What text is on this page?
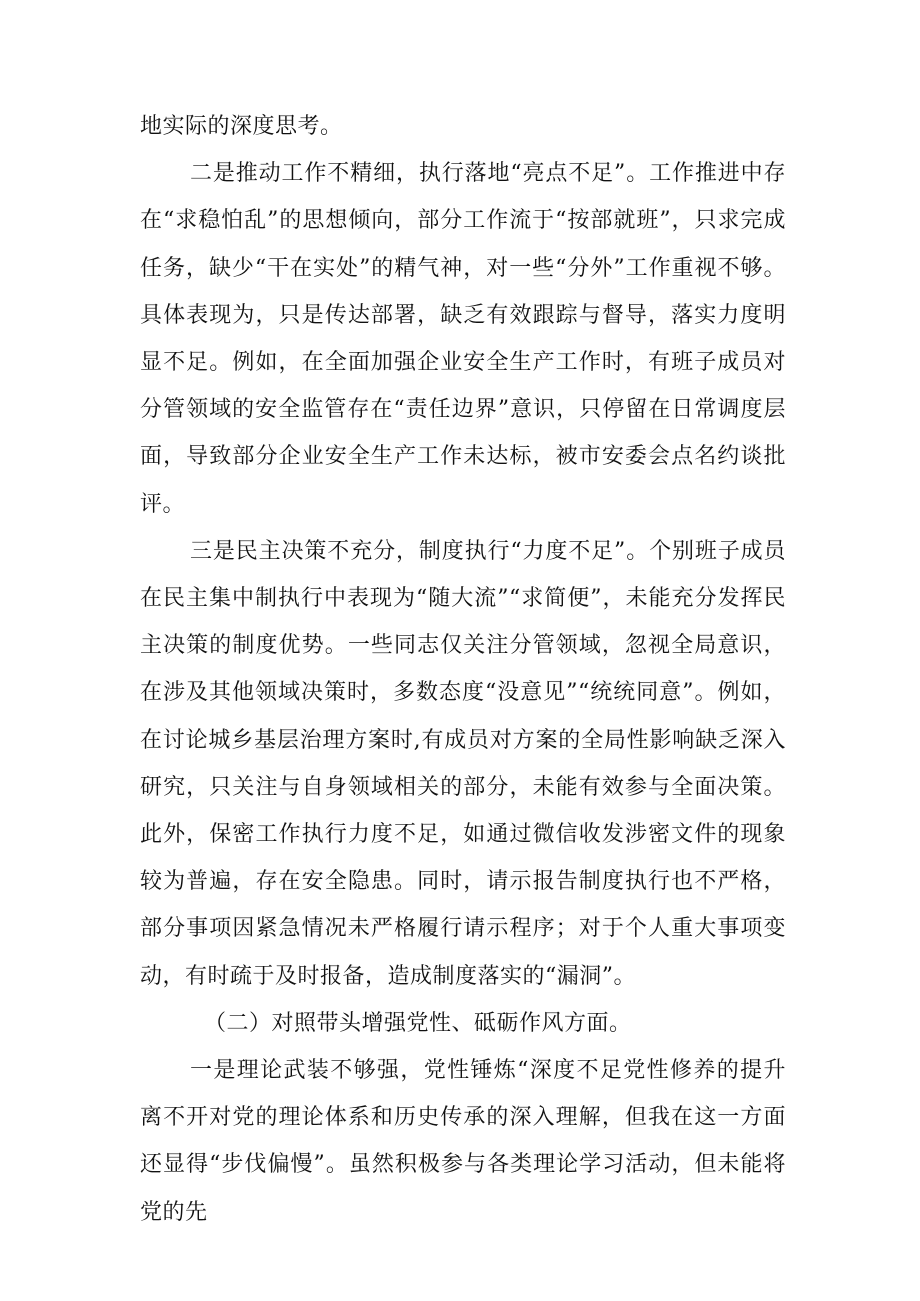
地实际的深度思考。

二是推动工作不精细，执行落地“亮点不足”。工作推进中存在“求稳怕乱”的思想倾向，部分工作流于“按部就班”，只求完成任务，缺少“干在实处”的精气神，对一些“分外”工作重视不够。具体表现为，只是传达部署，缺乏有效跟踪与督导，落实力度明显不足。例如，在全面加强企业安全生产工作时，有班子成员对分管领域的安全监管存在“责任边界”意识，只停留在日常调度层面，导致部分企业安全生产工作未达标，被市安委会点名约谈批评。

三是民主决策不充分，制度执行“力度不足”。个别班子成员在民主集中制执行中表现为“随大流”“求简便”，未能充分发挥民主决策的制度优势。一些同志仅关注分管领域，忽视全局意识，在涉及其他领域决策时，多数态度“没意见”“统统同意”。例如，在讨论城乡基层治理方案时,有成员对方案的全局性影响缺乏深入研究，只关注与自身领域相关的部分，未能有效参与全面决策。此外，保密工作执行力度不足，如通过微信收发涉密文件的现象较为普遍，存在安全隐患。同时，请示报告制度执行也不严格，部分事项因紧急情况未严格履行请示程序；对于个人重大事项变动，有时疏于及时报备，造成制度落实的“漏洞”。

（二）对照带头增强党性、砥砺作风方面。

一是理论武装不够强，党性锤炼“深度不足党性修养的提升离不开对党的理论体系和历史传承的深入理解，但我在这一方面还显得“步伐偏慢”。虽然积极参与各类理论学习活动，但未能将党的先
